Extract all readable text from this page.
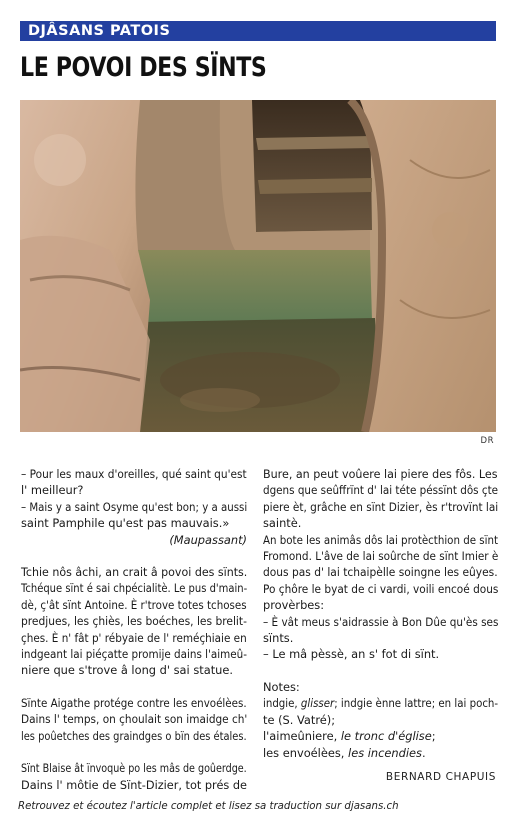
DJÂSANS PATOIS
LE POVOI DES SÏNTS
DR

– Pour les maux d'oreilles, qué saint qu'est

l' meilleur?

– Mais y a saint Osyme qu'est bon; y a aussi

saint Pamphile qu'est pas mauvais.»

(Maupassant)

Tchie nôs âchi, an crait â povoi des sïnts.

Tchéque sïnt é sai chpécialitè. Le pus d'main-

dè, ç'ât sïnt Antoine. È r'trove totes tchoses

predjues, les çhiès, les boéches, les brelit-

çhes. È n' fât p' rébyaie de l' reméçhiaie en

indgeant lai piéçatte promije dains l'aimeû-

niere que s'trove â long d' sai statue.

Sïnte Aigathe protége contre les envoélèes.

Dains l' temps, on çhoulait son imaidge ch'

les poûetches des graindges o bïn des étales.

Sïnt Blaise ât ïnvoquè po les mâs de goûerdge.

Dains l' môtie de Sïnt-Dizier, tot prés de

Bure, an peut voûere lai piere des fôs. Les

dgens que seûffrïnt d' lai téte péssïnt dôs çte

piere èt, grâche en sïnt Dizier, ès r'trovïnt lai

saintè.

An bote les animâs dôs lai protècthion de sïnt

Fromond. L'âve de lai soûrche de sïnt Imier è

dous pas d' lai tchaipèlle soingne les eûyes.

Po çhôre le byat de ci vardi, voili encoé dous

provèrbes:

– È vât meus s'aidrassie à Bon Dûe qu'ès ses

sïnts.

– Le mâ pèssè, an s' fot di sïnt.

Notes:

indgie, glisser; indgie ènne lattre; en lai poch-

te (S. Vatré);

l'aimeûniere, le tronc d'église;

les envoélèes, les incendies.

BERNARD CHAPUIS
Retrouvez et écoutez l'article complet et lisez sa traduction sur djasans.ch
